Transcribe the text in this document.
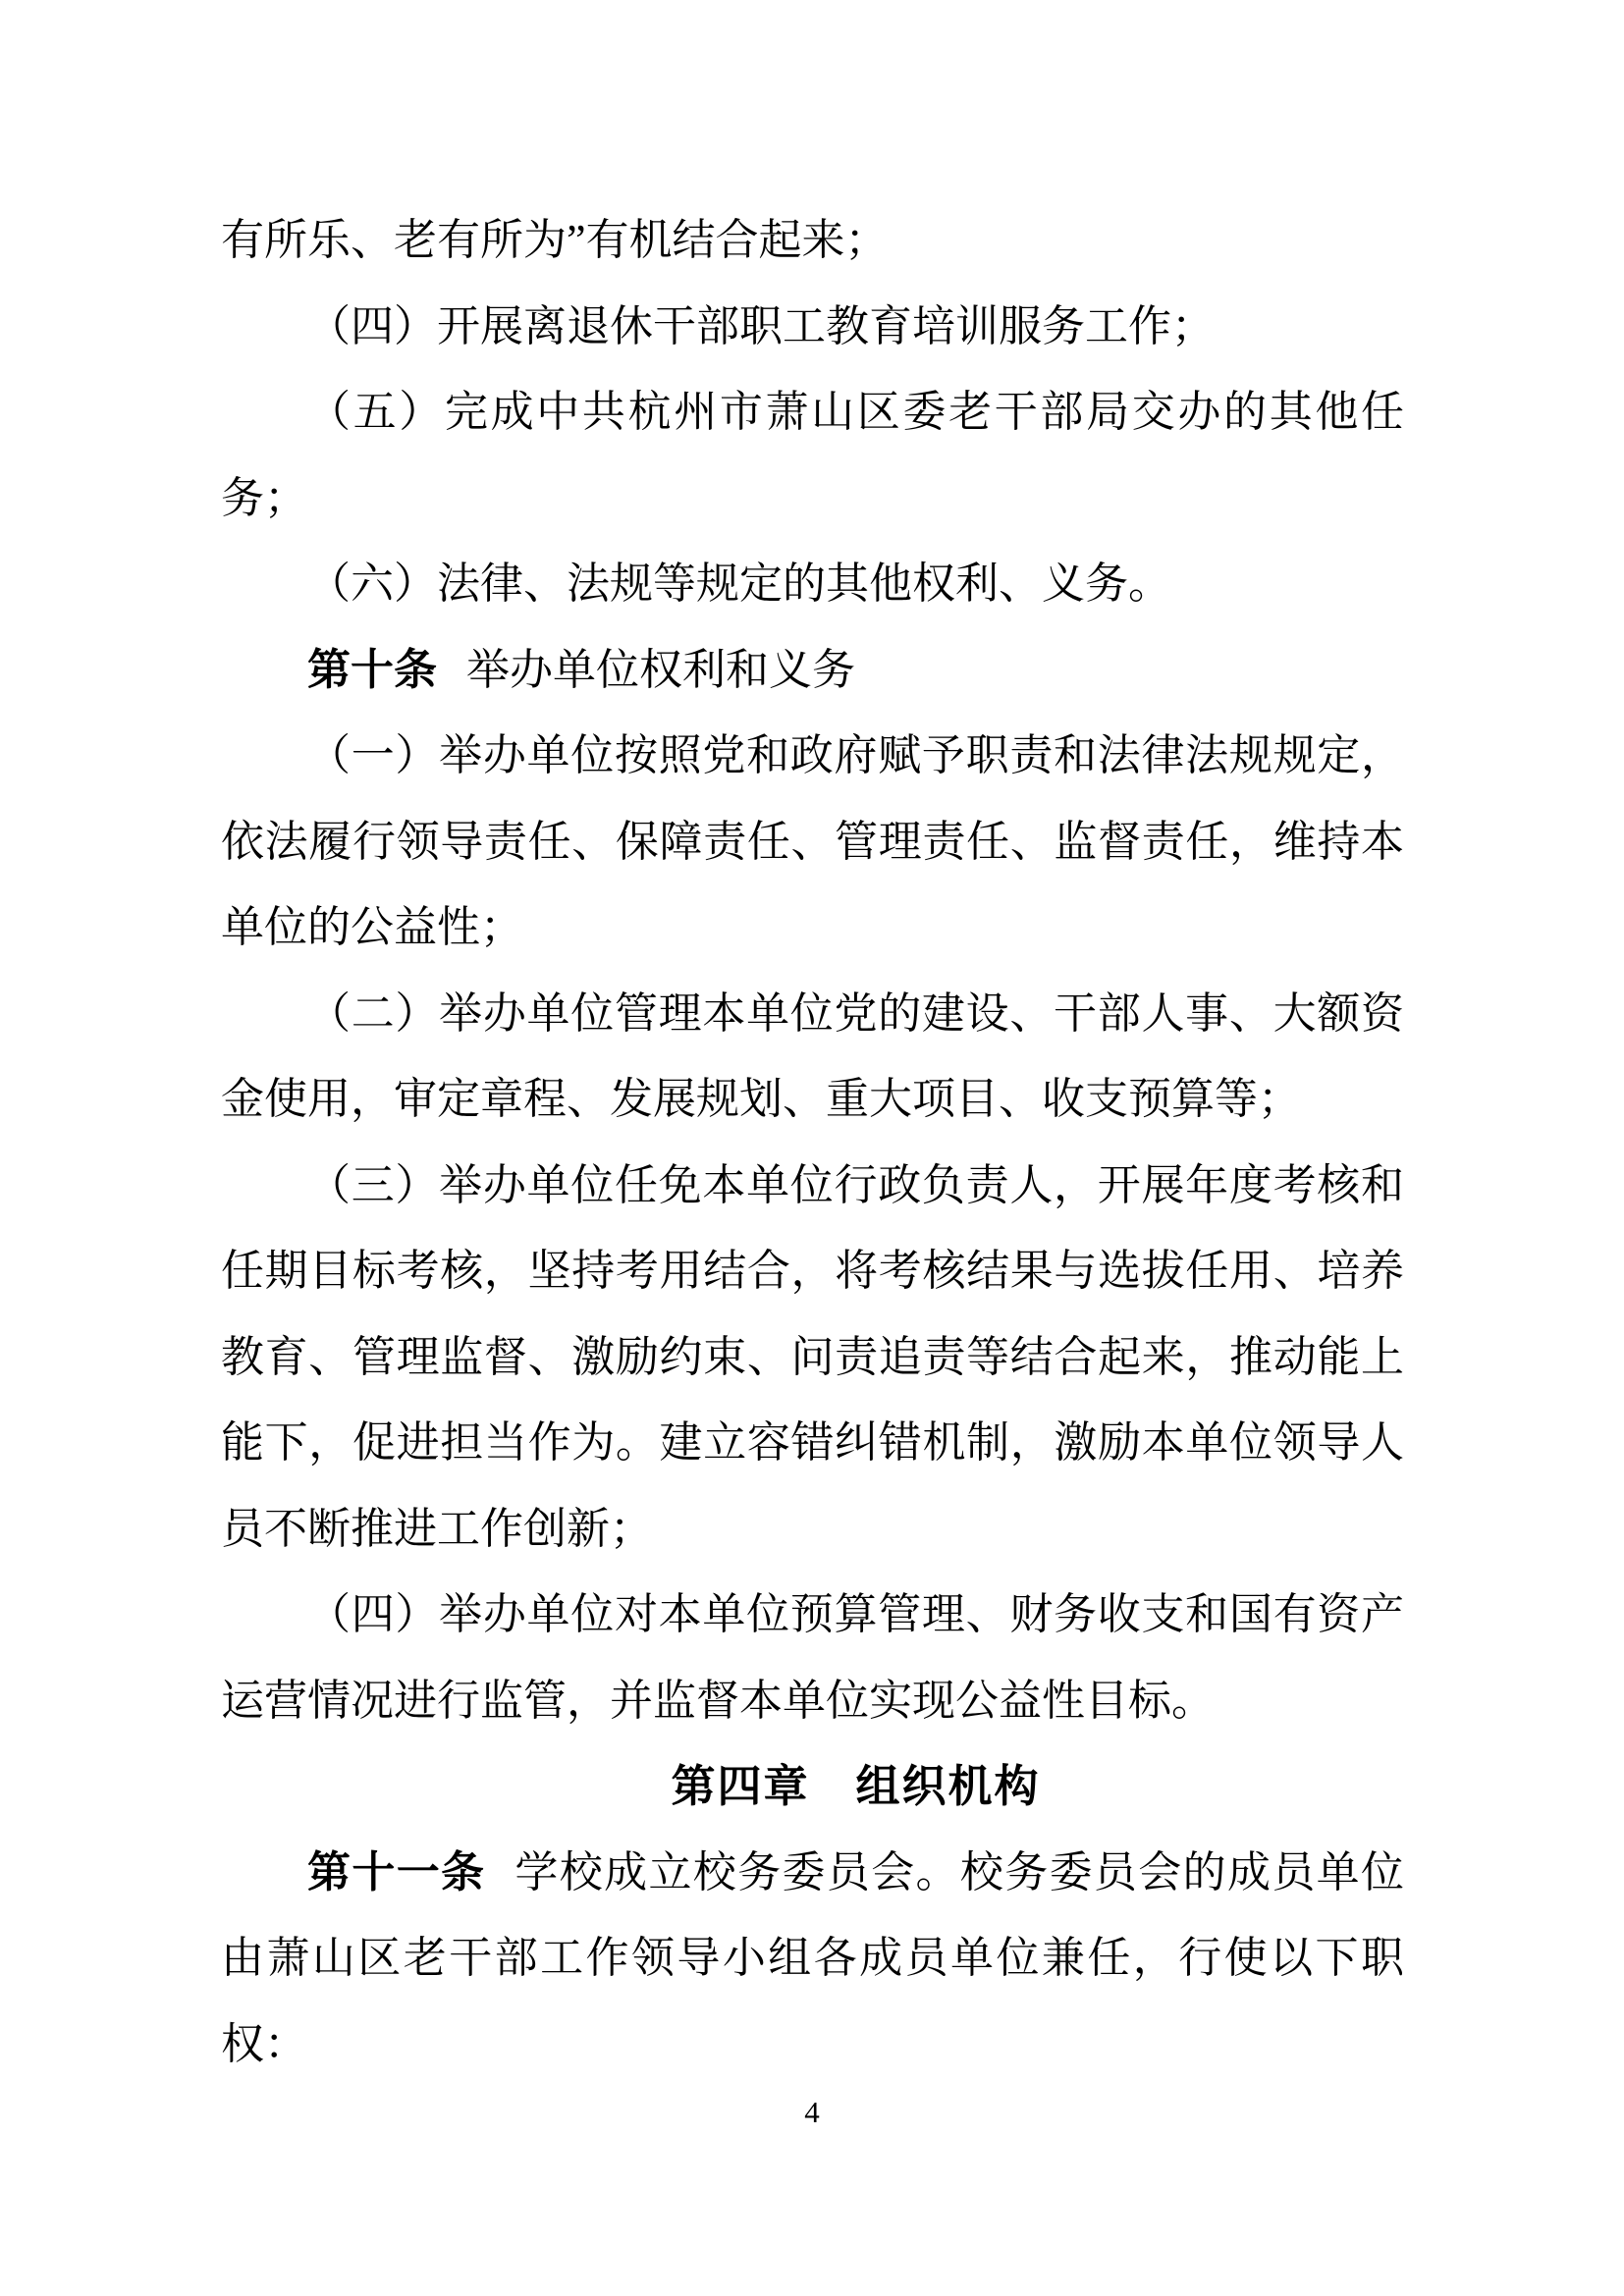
有所乐、老有所为”有机结合起来；

（四）开展离退休干部职工教育培训服务工作；

（五）完成中共杭州市萧山区委老干部局交办的其他任务；

（六）法律、法规等规定的其他权利、义务。

第十条 举办单位权利和义务

（一）举办单位按照党和政府赋予职责和法律法规规定，依法履行领导责任、保障责任、管理责任、监督责任，维持本单位的公益性；

（二）举办单位管理本单位党的建设、干部人事、大额资金使用，审定章程、发展规划、重大项目、收支预算等；

（三）举办单位任免本单位行政负责人，开展年度考核和任期目标考核，坚持考用结合，将考核结果与选拔任用、培养教育、管理监督、激励约束、问责追责等结合起来，推动能上能下，促进担当作为。建立容错纠错机制，激励本单位领导人员不断推进工作创新；

（四）举办单位对本单位预算管理、财务收支和国有资产运营情况进行监管，并监督本单位实现公益性目标。

第四章　组织机构

第十一条 学校成立校务委员会。校务委员会的成员单位由萧山区老干部工作领导小组各成员单位兼任，行使以下职权：

4
